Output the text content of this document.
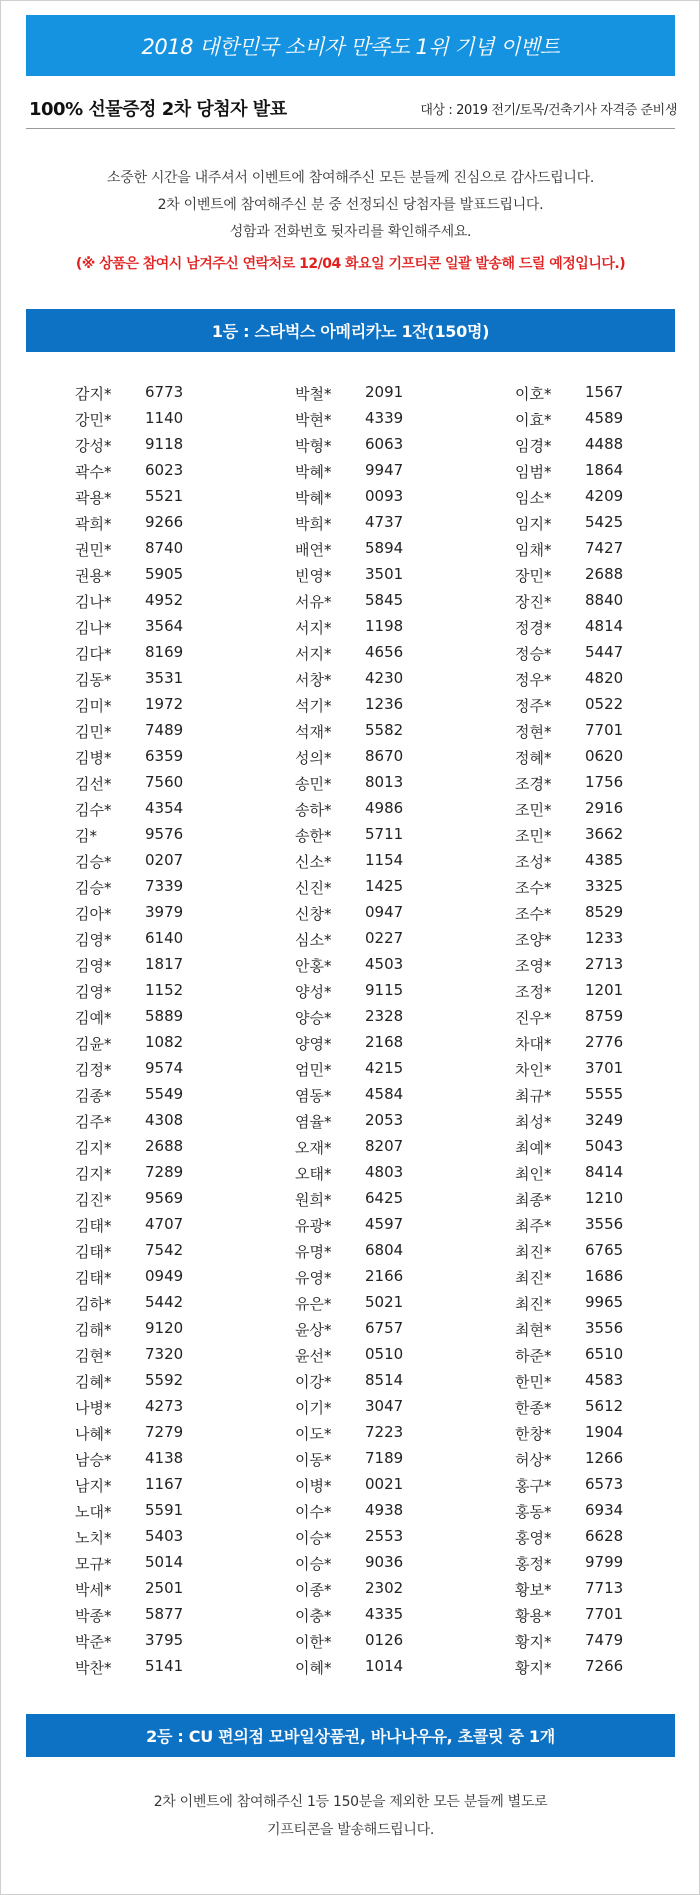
2018 대한민국 소비자 만족도 1위 기념 이벤트
100% 선물증정 2차 당첨자 발표	대상 : 2019 전기/토목/건축기사 자격증 준비생
소중한 시간을 내주셔서 이벤트에 참여해주신 모든 분들께 진심으로 감사드립니다.
2차 이벤트에 참여해주신 분 중 선정되신 당첨자를 발표드립니다.
성함과 전화번호 뒷자리를 확인해주세요.
(※ 상품은 참여시 남겨주신 연락처로 12/04 화요일 기프티콘 일괄 발송해 드릴 예정입니다.)
1등 : 스타벅스 아메리카노 1잔(150명)
감지* 6773
강민* 1140
강성* 9118
곽수* 6023
곽용* 5521
곽희* 9266
권민* 8740
권용* 5905
김나* 4952
김나* 3564
김다* 8169
김동* 3531
김미* 1972
김민* 7489
김병* 6359
김선* 7560
김수* 4354
김*	9576
김승* 0207
김승* 7339
김아* 3979
김영* 6140
김영* 1817
김영* 1152
김예* 5889
김윤* 1082
김정* 9574
김종* 5549
김주* 4308
김지* 2688
김지* 7289
김진* 9569
김태* 4707
김태* 7542
김태* 0949
김하* 5442
김해* 9120
김현* 7320
김혜* 5592
나병* 4273
나혜* 7279
남승* 4138
남지* 1167
노대* 5591
노치* 5403
모규* 5014
박세* 2501
박종* 5877
박준* 3795
박찬* 5141
박철* 2091
박현* 4339
박형* 6063
박혜* 9947
박혜* 0093
박희* 4737
배연* 5894
빈영* 3501
서유* 5845
서지* 1198
서지* 4656
서창* 4230
석기* 1236
석재* 5582
성의* 8670
송민* 8013
송하* 4986
송한* 5711
신소* 1154
신진* 1425
신창* 0947
심소* 0227
안홍* 4503
양성* 9115
양승* 2328
양영* 2168
엄민* 4215
염동* 4584
염율* 2053
오재* 8207
오태* 4803
원희* 6425
유광* 4597
유명* 6804
유영* 2166
유은* 5021
윤상* 6757
윤선* 0510
이강* 8514
이기* 3047
이도* 7223
이동* 7189
이병* 0021
이수* 4938
이승* 2553
이승* 9036
이종* 2302
이충* 4335
이한* 0126
이혜* 1014
이호* 1567
이효* 4589
임경* 4488
임범* 1864
임소* 4209
임지* 5425
임채* 7427
장민* 2688
장진* 8840
정경* 4814
정승* 5447
정우* 4820
정주* 0522
정현* 7701
정혜* 0620
조경* 1756
조민* 2916
조민* 3662
조성* 4385
조수* 3325
조수* 8529
조양* 1233
조영* 2713
조정* 1201
진우* 8759
차대* 2776
차인* 3701
최규* 5555
최성* 3249
최예* 5043
최인* 8414
최종* 1210
최주* 3556
최진* 6765
최진* 1686
최진* 9965
최현* 3556
하준* 6510
한민* 4583
한종* 5612
한창* 1904
허상* 1266
홍구* 6573
홍동* 6934
홍영* 6628
홍정* 9799
황보* 7713
황용* 7701
황지* 7479
황지* 7266
2등 : CU 편의점 모바일상품권, 바나나우유, 초콜릿 중 1개
2차 이벤트에 참여해주신 1등 150분을 제외한 모든 분들께 별도로
기프티콘을 발송해드립니다.
